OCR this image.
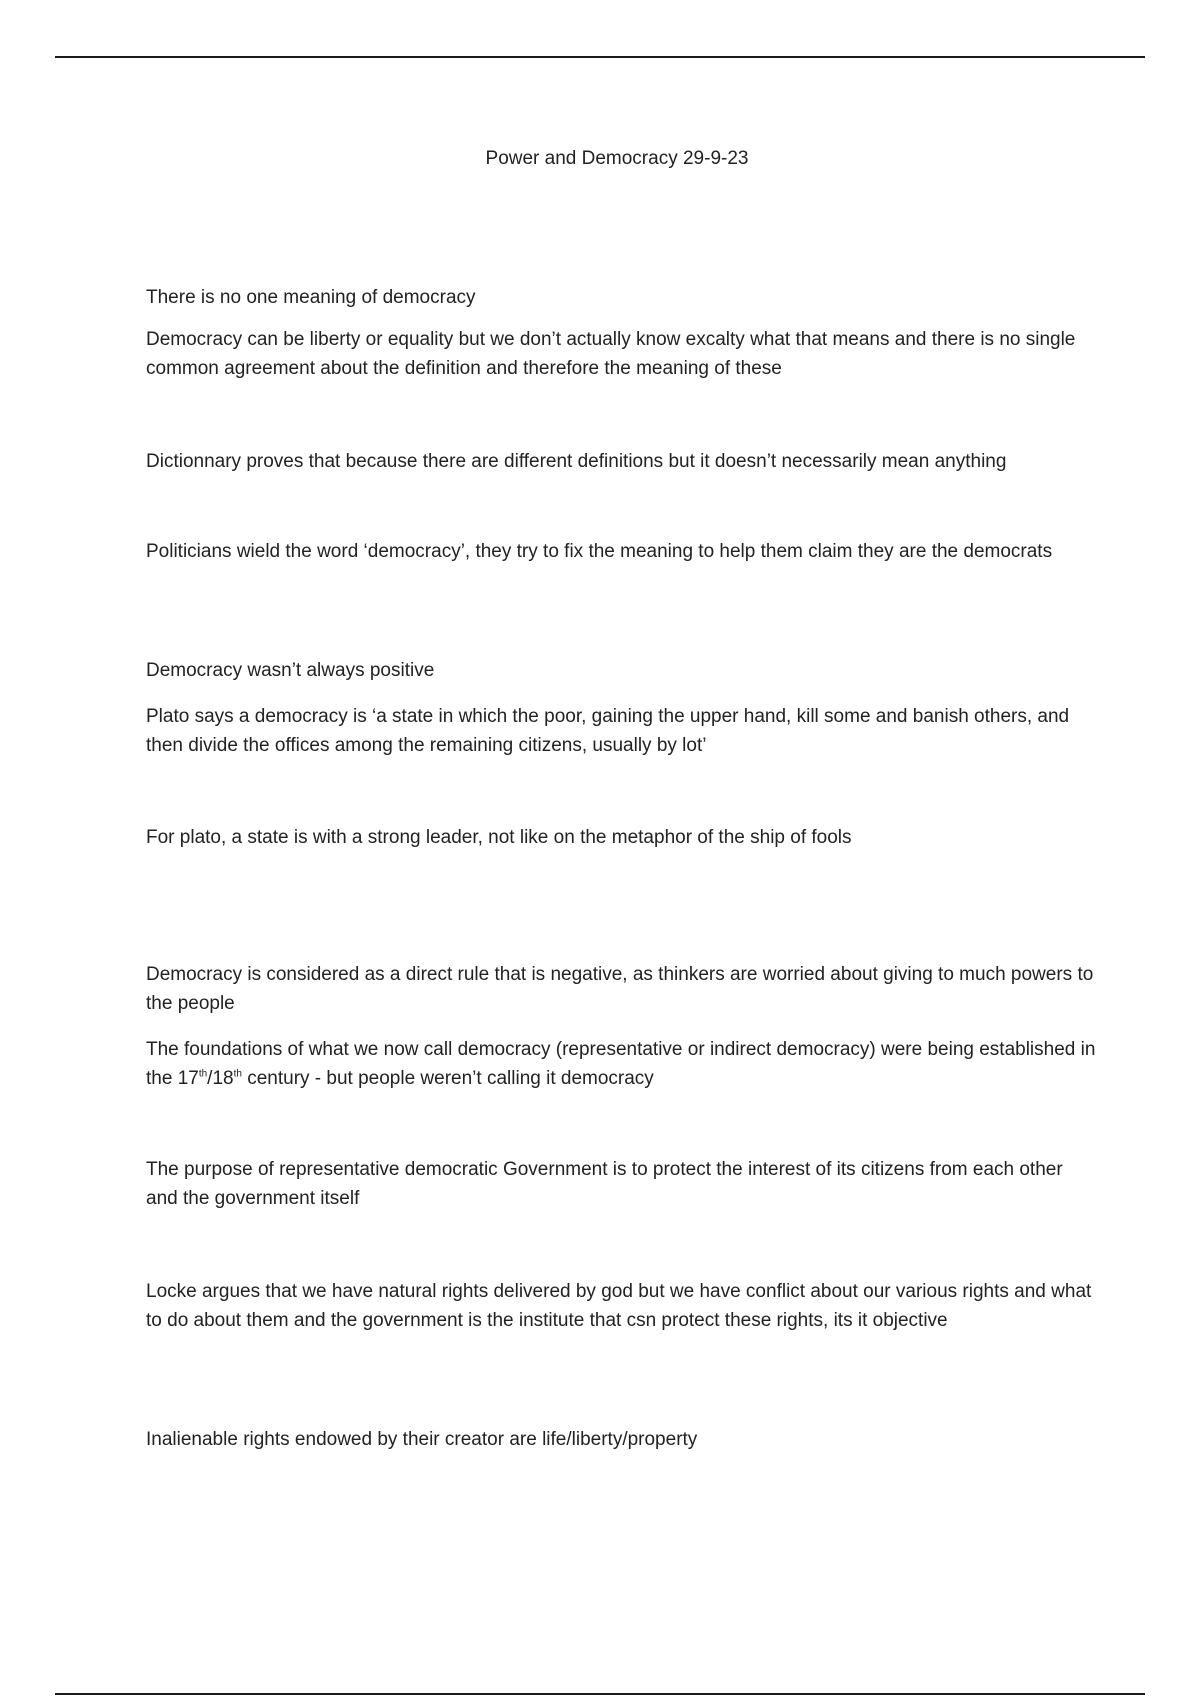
Power and Democracy 29-9-23

There is no one meaning of democracy

Democracy can be liberty or equality but we don’t actually know excalty what that means and there is no single common agreement about the definition and therefore the meaning of these

Dictionnary proves that because there are different definitions but it doesn’t necessarily mean anything

Politicians wield the word ‘democracy’, they try to fix the meaning to help them claim they are the democrats

Democracy wasn’t always positive

Plato says a democracy is ‘a state in which the poor, gaining the upper hand, kill some and banish others, and then divide the offices among the remaining citizens, usually by lot’

For plato, a state is with a strong leader, not like on the metaphor of the ship of fools

Democracy is considered as a direct rule that is negative, as thinkers are worried about giving to much powers to the people

The foundations of what we now call democracy (representative or indirect democracy) were being established in the 17th/18th century - but people weren’t calling it democracy

The purpose of representative democratic Government is to protect the interest of its citizens from each other and the government itself

Locke argues that we have natural rights delivered by god but we have conflict about our various rights and what to do about them and the government is the institute that csn protect these rights, its it objective

Inalienable rights endowed by their creator are life/liberty/property
